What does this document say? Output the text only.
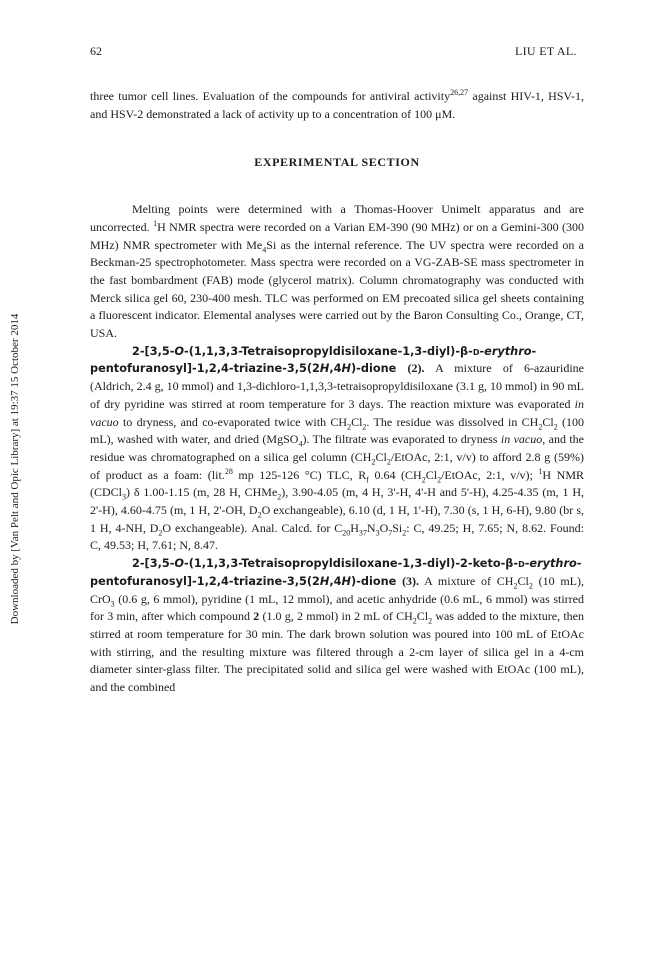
62	LIU ET AL.
Downloaded by [Van Pelt and Opic Library] at 19:37 15 October 2014

three tumor cell lines. Evaluation of the compounds for antiviral activity$^{26,27}$ against HIV-1, HSV-1, and HSV-2 demonstrated a lack of activity up to a concentration of 100 μM.

EXPERIMENTAL SECTION

Melting points were determined with a Thomas-Hoover Unimelt apparatus and are uncorrected. $^1$H NMR spectra were recorded on a Varian EM-390 (90 MHz) or on a Gemini-300 (300 MHz) NMR spectrometer with $Me_4Si$ as the internal reference. The UV spectra were recorded on a Beckman-25 spectrophotometer. Mass spectra were recorded on a VG-ZAB-SE mass spectrometer in the fast bombardment (FAB) mode (glycerol matrix). Column chromatography was conducted with Merck silica gel 60, 230-400 mesh. TLC was performed on EM precoated silica gel sheets containing a fluorescent indicator. Elemental analyses were carried out by the Baron Consulting Co., Orange, CT, USA.

2-[3,5-O-(1,1,3,3-Tetraisopropyldisiloxane-1,3-diyl)-β-d-erythro-pentofuranosyl]-1,2,4-triazine-3,5(2H,4H)-dione (2). A mixture of 6-azauridine (Aldrich, 2.4 g, 10 mmol) and 1,3-dichloro-1,1,3,3-tetraisopropyldisiloxane (3.1 g, 10 mmol) in 90 mL of dry pyridine was stirred at room temperature for 3 days. The reaction mixture was evaporated in vacuo to dryness, and co-evaporated twice with $CH_2Cl_2$. The residue was dissolved in $CH_2Cl_2$ (100 mL), washed with water, and dried (MgSO$_4$). The filtrate was evaporated to dryness in vacuo, and the residue was chromatographed on a silica gel column ($CH_2Cl_2$/EtOAc, 2:1, v/v) to afford 2.8 g (59%) of product as a foam: (lit.$^{28}$ mp 125-126 °C) TLC, $R_f$ 0.64 ($CH_2Cl_2$/EtOAc, 2:1, v/v); $^1$H NMR (CDCl$_3$) δ 1.00-1.15 (m, 28 H, CHMe$_2$), 3.90-4.05 (m, 4 H, 3'-H, 4'-H and 5'-H), 4.25-4.35 (m, 1 H, 2'-H), 4.60-4.75 (m, 1 H, 2'-OH, $D_2O$ exchangeable), 6.10 (d, 1 H, 1'-H), 7.30 (s, 1 H, 6-H), 9.80 (br s, 1 H, 4-NH, $D_2O$ exchangeable). Anal. Calcd. for $C_{20}H_{37}N_3O_7Si_2$: C, 49.25; H, 7.65; N, 8.62. Found: C, 49.53; H, 7.61; N, 8.47.

2-[3,5-O-(1,1,3,3-Tetraisopropyldisiloxane-1,3-diyl)-2-keto-β-d-erythro-pentofuranosyl]-1,2,4-triazine-3,5(2H,4H)-dione (3). A mixture of $CH_2Cl_2$ (10 mL), CrO$_3$ (0.6 g, 6 mmol), pyridine (1 mL, 12 mmol), and acetic anhydride (0.6 mL, 6 mmol) was stirred for 3 min, after which compound 2 (1.0 g, 2 mmol) in 2 mL of $CH_2Cl_2$ was added to the mixture, then stirred at room temperature for 30 min. The dark brown solution was poured into 100 mL of EtOAc with stirring, and the resulting mixture was filtered through a 2-cm layer of silica gel in a 4-cm diameter sinter-glass filter. The precipitated solid and silica gel were washed with EtOAc (100 mL), and the combined
